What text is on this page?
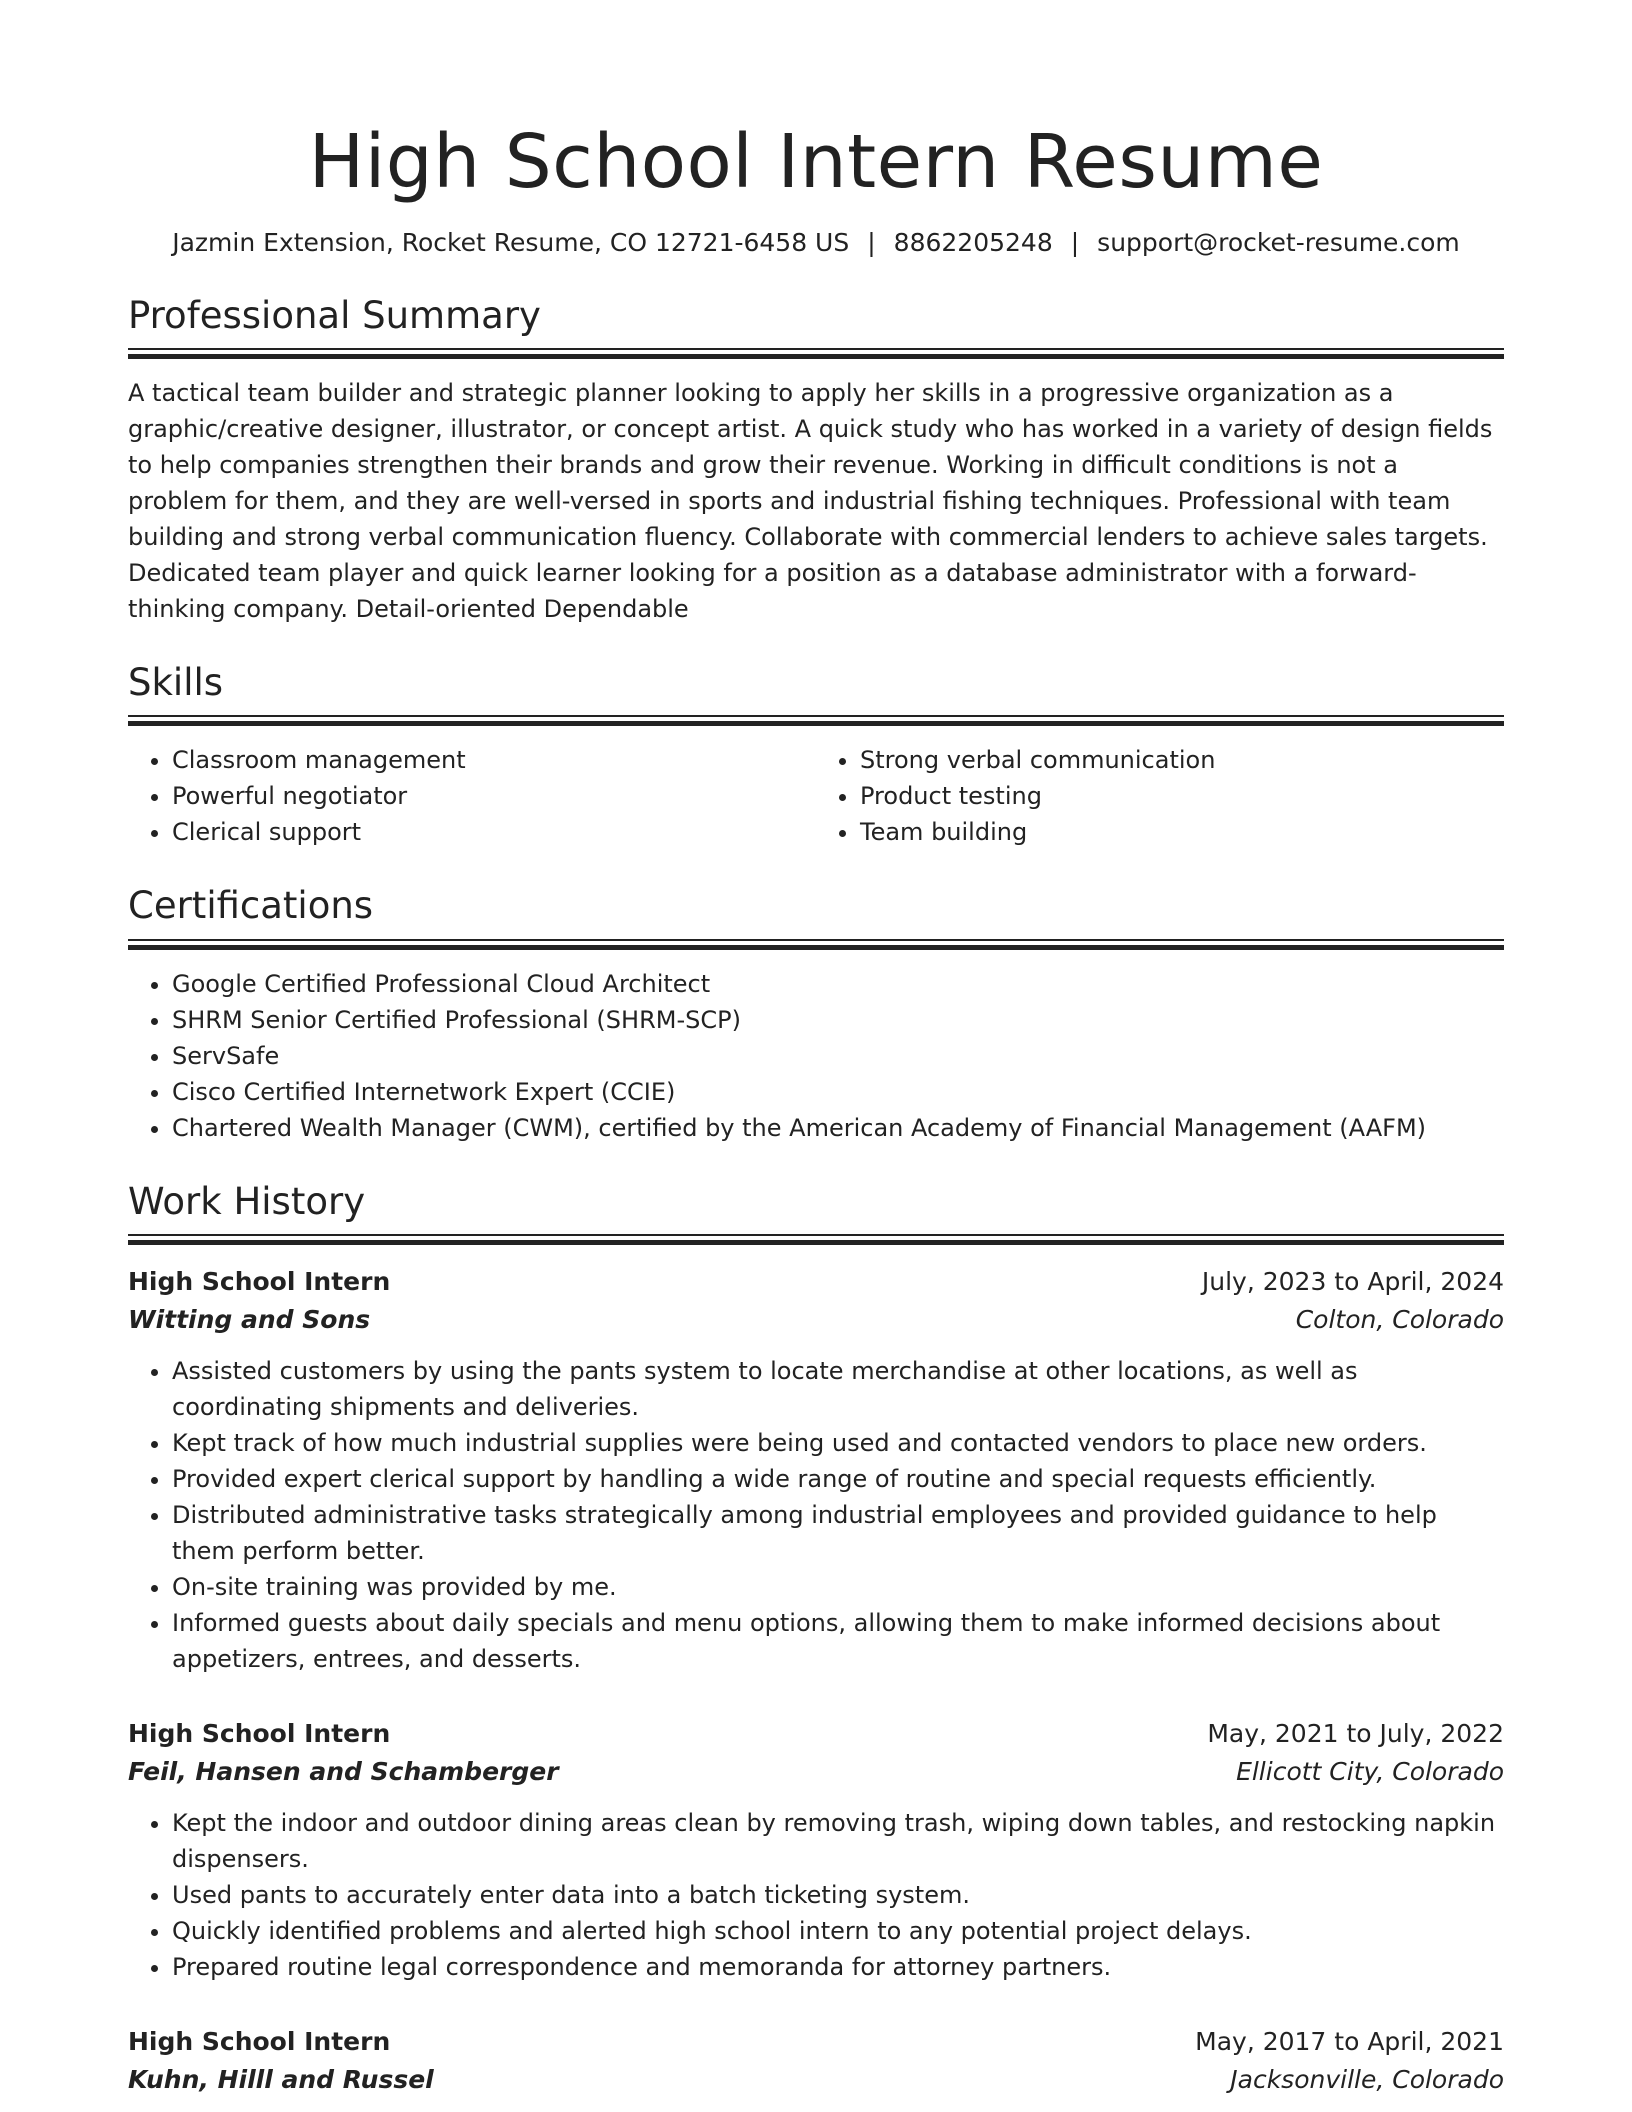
High School Intern Resume
Jazmin Extension, Rocket Resume, CO 12721-6458 US | 8862205248 | support@rocket-resume.com
Professional Summary

A tactical team builder and strategic planner looking to apply her skills in a progressive organization as a graphic/creative designer, illustrator, or concept artist. A quick study who has worked in a variety of design fields to help companies strengthen their brands and grow their revenue. Working in difficult conditions is not a problem for them, and they are well-versed in sports and industrial fishing techniques. Professional with team building and strong verbal communication fluency. Collaborate with commercial lenders to achieve sales targets. Dedicated team player and quick learner looking for a position as a database administrator with a forward-thinking company. Detail-oriented Dependable

Skills
• Classroom management
• Powerful negotiator
• Clerical support
• Strong verbal communication
• Product testing
• Team building
Certifications
• Google Certified Professional Cloud Architect
• SHRM Senior Certified Professional (SHRM-SCP)
• ServSafe
• Cisco Certified Internetwork Expert (CCIE)
• Chartered Wealth Manager (CWM), certified by the American Academy of Financial Management (AAFM)
Work History
High School Intern	July, 2023 to April, 2024
Witting and Sons	Colton, Colorado
• Assisted customers by using the pants system to locate merchandise at other locations, as well as coordinating shipments and deliveries.
• Kept track of how much industrial supplies were being used and contacted vendors to place new orders.
• Provided expert clerical support by handling a wide range of routine and special requests efficiently.
• Distributed administrative tasks strategically among industrial employees and provided guidance to help them perform better.
• On-site training was provided by me.
• Informed guests about daily specials and menu options, allowing them to make informed decisions about appetizers, entrees, and desserts.
High School Intern	May, 2021 to July, 2022
Feil, Hansen and Schamberger	Ellicott City, Colorado
• Kept the indoor and outdoor dining areas clean by removing trash, wiping down tables, and restocking napkin dispensers.
• Used pants to accurately enter data into a batch ticketing system.
• Quickly identified problems and alerted high school intern to any potential project delays.
• Prepared routine legal correspondence and memoranda for attorney partners.
High School Intern	May, 2017 to April, 2021
Kuhn, Hilll and Russel	Jacksonville, Colorado
